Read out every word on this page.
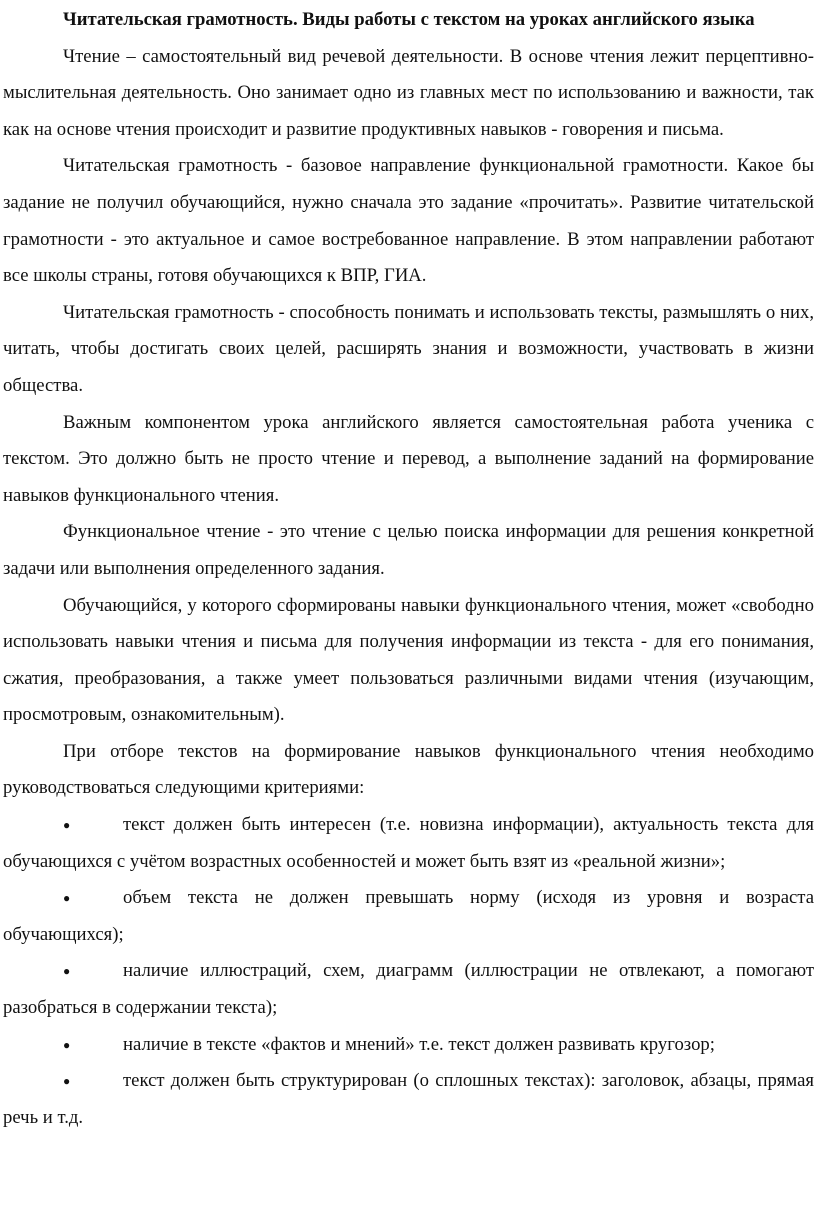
Читательская грамотность. Виды работы с текстом на уроках английского языка

Чтение – самостоятельный вид речевой деятельности. В основе чтения лежит перцептивно-мыслительная деятельность. Оно занимает одно из главных мест по использованию и важности, так как на основе чтения происходит и развитие продуктивных навыков - говорения и письма.

Читательская грамотность - базовое направление функциональной грамотности. Какое бы задание не получил обучающийся, нужно сначала это задание «прочитать». Развитие читательской грамотности - это актуальное и самое востребованное направление. В этом направлении работают все школы страны, готовя обучающихся к ВПР, ГИА.

Читательская грамотность - способность понимать и использовать тексты, размышлять о них, читать, чтобы достигать своих целей, расширять знания и возможности, участвовать в жизни общества.

Важным компонентом урока английского является самостоятельная работа ученика с текстом. Это должно быть не просто чтение и перевод, а выполнение заданий на формирование навыков функционального чтения.

Функциональное чтение - это чтение с целью поиска информации для решения конкретной задачи или выполнения определенного задания.

Обучающийся, у которого сформированы навыки функционального чтения, может «свободно использовать навыки чтения и письма для получения информации из текста - для его понимания, сжатия, преобразования, а также умеет пользоваться различными видами чтения (изучающим, просмотровым, ознакомительным).

При отборе текстов на формирование навыков функционального чтения необходимо руководствоваться следующими критериями:

●	текст должен быть интересен (т.е. новизна информации), актуальность текста для обучающихся с учётом возрастных особенностей и может быть взят из «реальной жизни»;
●	объем текста не должен превышать норму (исходя из уровня и возраста обучающихся);
●	наличие иллюстраций, схем, диаграмм (иллюстрации не отвлекают, а помогают разобраться в содержании текста);
●	наличие в тексте «фактов и мнений» т.е. текст должен развивать кругозор;
●	текст должен быть структурирован (о сплошных текстах): заголовок, абзацы, прямая речь и т.д.
